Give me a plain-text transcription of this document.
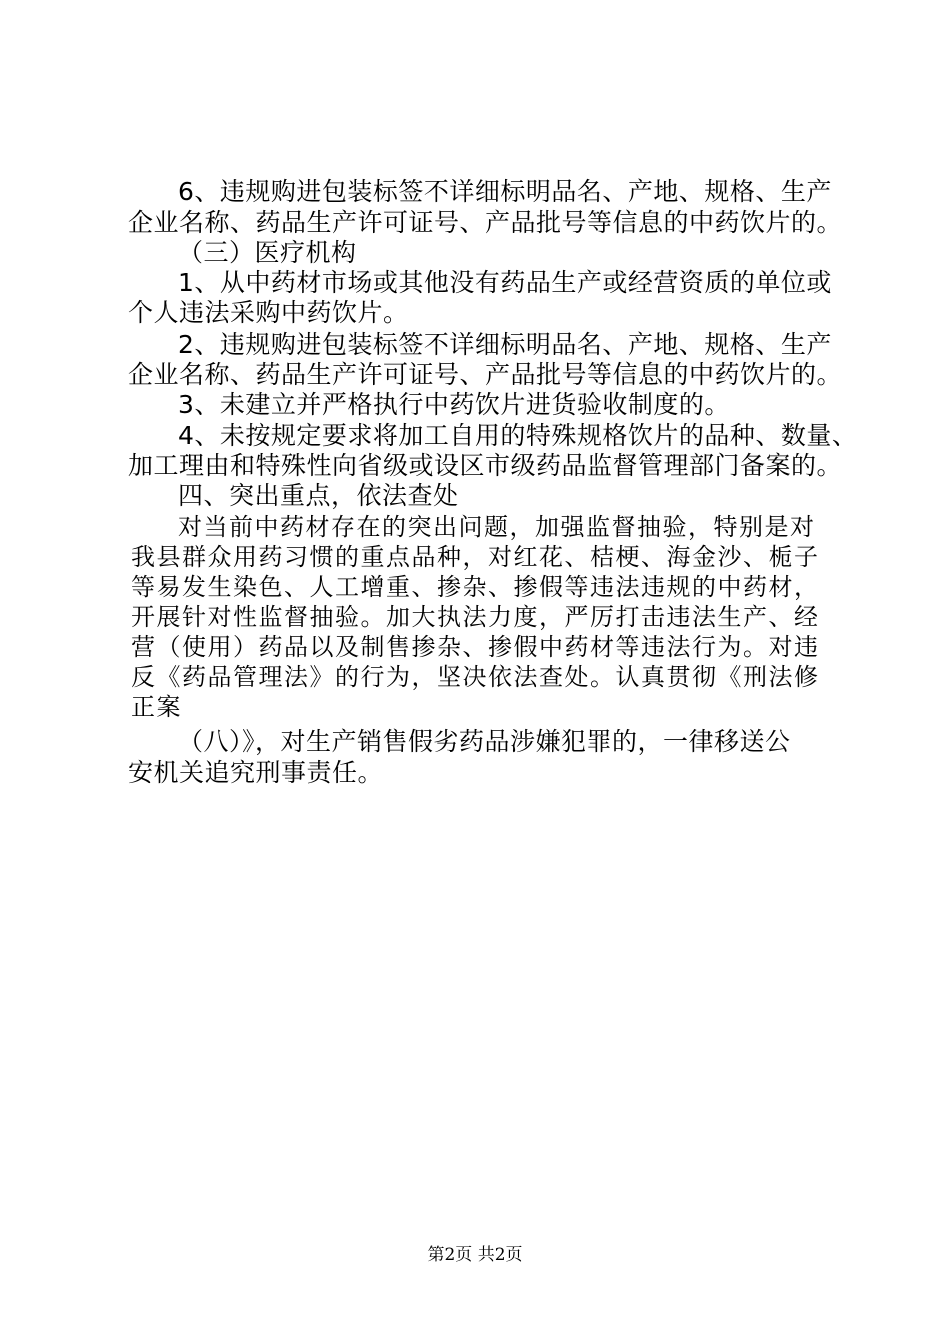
6、违规购进包装标签不详细标明品名、产地、规格、生产
企业名称、药品生产许可证号、产品批号等信息的中药饮片的。
（三）医疗机构
1、从中药材市场或其他没有药品生产或经营资质的单位或
个人违法采购中药饮片。
2、违规购进包装标签不详细标明品名、产地、规格、生产
企业名称、药品生产许可证号、产品批号等信息的中药饮片的。
3、未建立并严格执行中药饮片进货验收制度的。
4、未按规定要求将加工自用的特殊规格饮片的品种、数量、
加工理由和特殊性向省级或设区市级药品监督管理部门备案的。
四、突出重点，依法查处
对当前中药材存在的突出问题，加强监督抽验，特别是对
我县群众用药习惯的重点品种，对红花、桔梗、海金沙、栀子
等易发生染色、人工增重、掺杂、掺假等违法违规的中药材，
开展针对性监督抽验。加大执法力度，严厉打击违法生产、经
营（使用）药品以及制售掺杂、掺假中药材等违法行为。对违
反《药品管理法》的行为，坚决依法查处。认真贯彻《刑法修
正案
（八）》，对生产销售假劣药品涉嫌犯罪的，一律移送公
安机关追究刑事责任。
第2页 共2页
